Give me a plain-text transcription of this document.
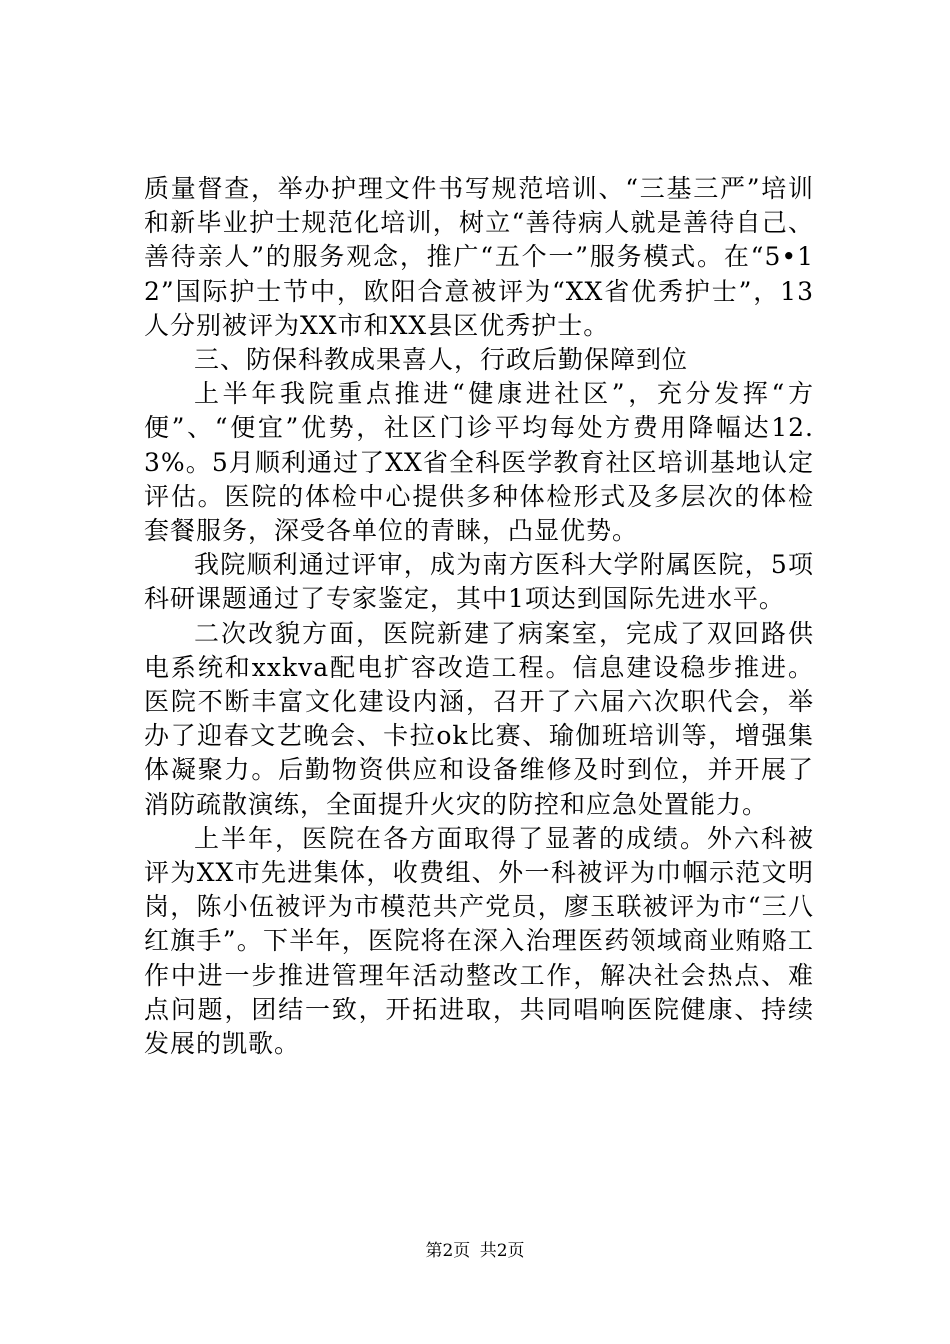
质量督查，举办护理文件书写规范培训、“三基三严”培训和新毕业护士规范化培训，树立“善待病人就是善待自己、善待亲人”的服务观念，推广“五个一”服务模式。在“5•12”国际护士节中，欧阳合意被评为“XX省优秀护士”，13人分别被评为XX市和XX县区优秀护士。

三、防保科教成果喜人，行政后勤保障到位

上半年我院重点推进“健康进社区”，充分发挥“方便”、“便宜”优势，社区门诊平均每处方费用降幅达12.3%。5月顺利通过了XX省全科医学教育社区培训基地认定评估。医院的体检中心提供多种体检形式及多层次的体检套餐服务，深受各单位的青睐，凸显优势。

我院顺利通过评审，成为南方医科大学附属医院，5项科研课题通过了专家鉴定，其中1项达到国际先进水平。

二次改貌方面，医院新建了病案室，完成了双回路供电系统和xxkva配电扩容改造工程。信息建设稳步推进。医院不断丰富文化建设内涵，召开了六届六次职代会，举办了迎春文艺晚会、卡拉ok比赛、瑜伽班培训等，增强集体凝聚力。后勤物资供应和设备维修及时到位，并开展了消防疏散演练，全面提升火灾的防控和应急处置能力。

上半年，医院在各方面取得了显著的成绩。外六科被评为XX市先进集体，收费组、外一科被评为巾帼示范文明岗，陈小伍被评为市模范共产党员，廖玉联被评为市“三八红旗手”。下半年，医院将在深入治理医药领域商业贿赂工作中进一步推进管理年活动整改工作，解决社会热点、难点问题，团结一致，开拓进取，共同唱响医院健康、持续发展的凯歌。

第2页 共2页
